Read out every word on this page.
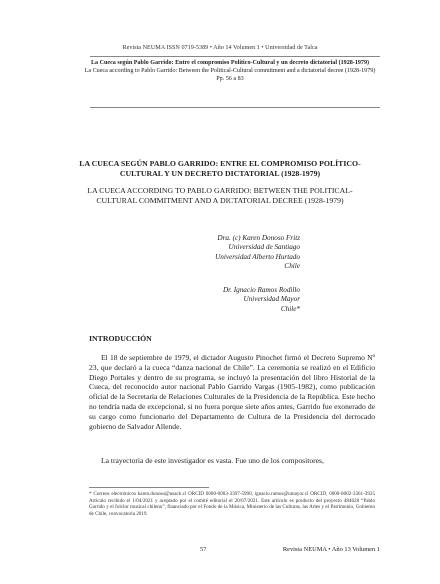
Revista NEUMA ISSN 0719-5389 • Año 14 Volumen 1 • Universidad de Talca
La Cueca según Pablo Garrido: Entre el compromiso Político-Cultural y un decreto dictatorial (1928-1979)
La Cueca according to Pablo Garrido: Between the Political-Cultural commitment and a dictatorial decree (1928-1979)
Pp. 56 a 83
LA CUECA SEGÚN PABLO GARRIDO: ENTRE EL COMPROMISO POLÍTICO-CULTURAL Y UN DECRETO DICTATORIAL (1928-1979)
LA CUECA ACCORDING TO PABLO GARRIDO: BETWEEN THE POLITICAL-CULTURAL COMMITMENT AND A DICTATORIAL DECREE (1928-1979)
Dra. (c) Karen Donoso Fritz
Universidad de Santiago
Universidad Alberto Hurtado
Chile
Dr. Ignacio Ramos Rodillo
Universidad Mayor
Chile*
INTRODUCCIÓN

El 18 de septiembre de 1979, el dictador Augusto Pinochet firmó el Decreto Supremo Nº 23, que declaró a la cueca “danza nacional de Chile”. La ceremonia se realizó en el Edificio Diego Portales y dentro de su programa, se incluyó la presentación del libro Historial de la Cueca, del reconocido autor nacional Pablo Garrido Vargas (1905-1982), como publicación oficial de la Secretaría de Relaciones Culturales de la Presidencia de la República. Este hecho no tendría nada de excepcional, si no fuera porque siete años antes, Garrido fue exonerado de su cargo como funcionario del Departamento de Cultura de la Presidencia del derrocado gobierno de Salvador Allende.

La trayectoria de este investigador es vasta. Fue uno de los compositores,

* Correos electrónicos karen.donoso@usach.cl ORCID 0000-0003-3397-5990, ignacio.ramos@umayor.cl ORCID, 0000-0002-3361-3925 Artículo recibido el 1/04/2021 y aceptado por el comité editorial el 20/07/2021. Este artículo es producto del proyecto 484628 “Pablo Garrido y el folclor musical chileno”, financiado por el Fondo de la Música, Ministerio de las Culturas, las Artes y el Patrimonio, Gobierno de Chile, convocatoria 2019.
57	Revista NEUMA • Año 13 Volumen 1
